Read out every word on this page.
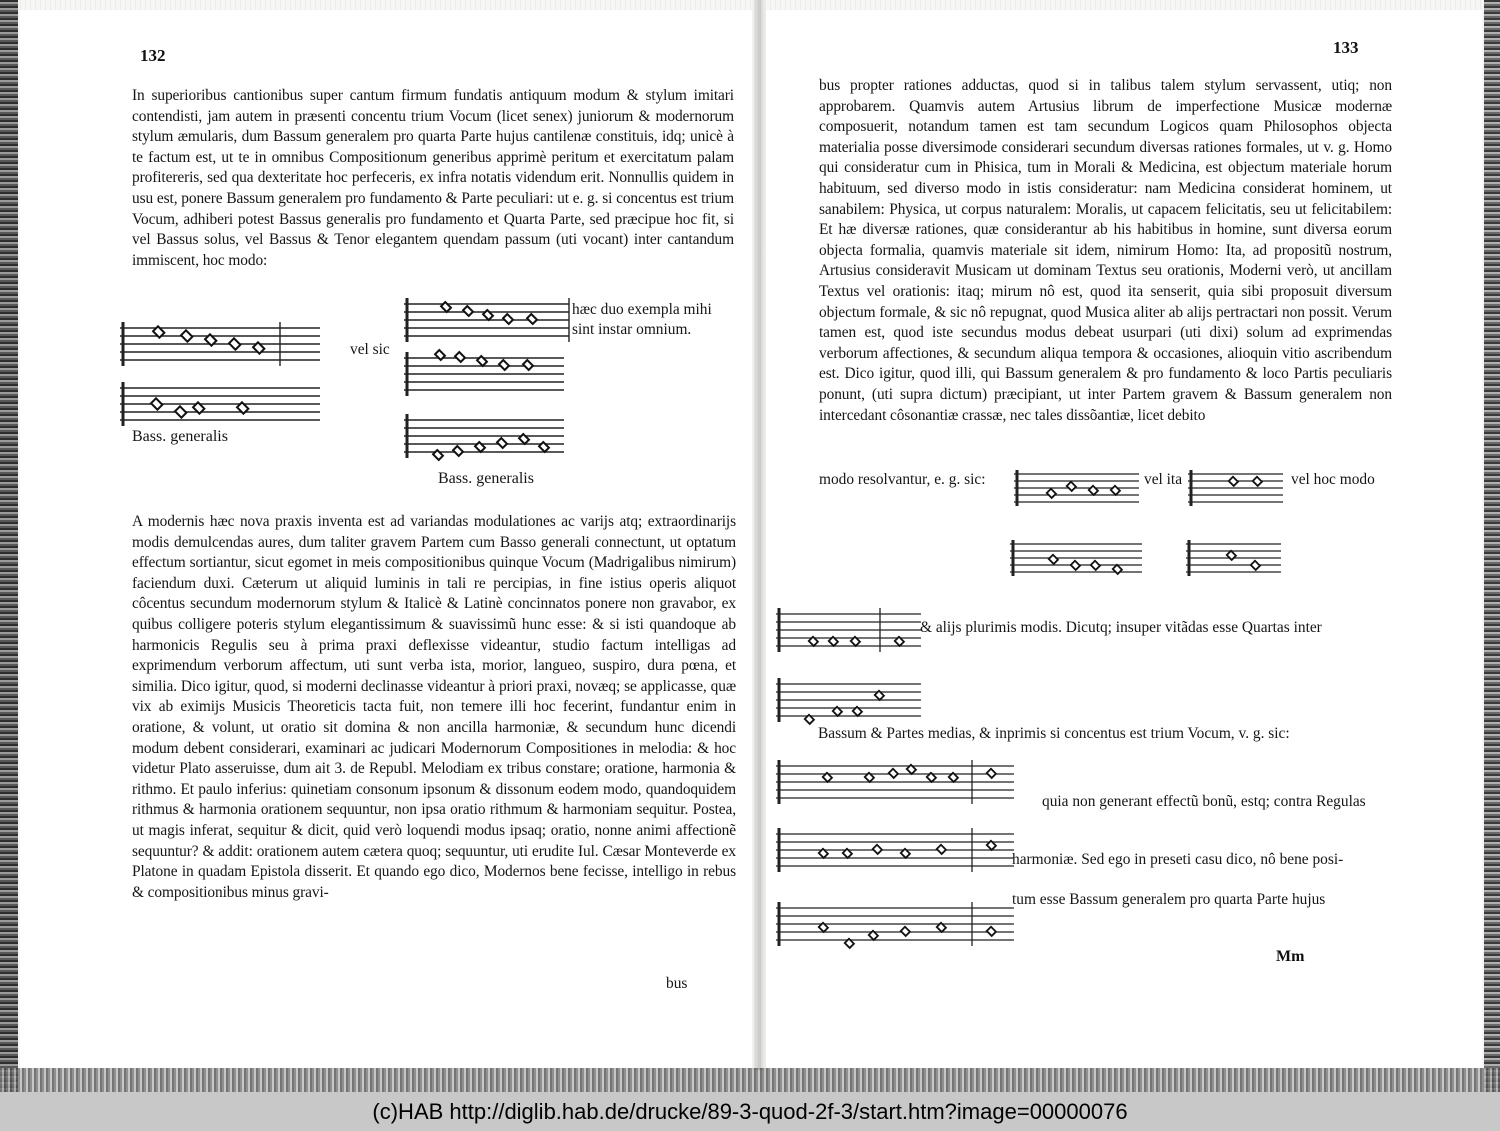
132

In superioribus cantionibus super cantum firmum fundatis antiquum modum & stylum imitari contendisti, jam autem in præsenti concentu trium Vocum (licet senex) juniorum & modernorum stylum æmularis, dum Bassum generalem pro quarta Parte hujus cantilenæ constituis, idq; unicè à te factum est, ut te in omnibus Compositionum generibus apprimè peritum et exercitatum palam profitereris, sed qua dexteritate hoc perfeceris, ex infra notatis videndum erit. Nonnullis quidem in usu est, ponere Bassum generalem pro fundamento & Parte peculiari: ut e. g. si concentus est trium Vocum, adhiberi potest Bassus generalis pro fundamento et Quarta Parte, sed præcipue hoc fit, si vel Bassus solus, vel Bassus & Tenor elegantem quendam passum (uti vocant) inter cantandum immiscent, hoc modo:

Bass. generalis
vel sic
hæc duo exempla mihi
sint instar omnium.
Bass. generalis

A modernis hæc nova praxis inventa est ad variandas modulationes ac varijs atq; extraordinarijs modis demulcendas aures, dum taliter gravem Partem cum Basso generali connectunt, ut optatum effectum sortiantur, sicut egomet in meis compositionibus quinque Vocum (Madrigalibus nimirum) faciendum duxi. Cæterum ut aliquid luminis in tali re percipias, in fine istius operis aliquot côcentus secundum modernorum stylum & Italicè & Latinè concinnatos ponere non gravabor, ex quibus colligere poteris stylum elegantissimum & suavissimũ hunc esse: & si isti quandoque ab harmonicis Regulis seu à prima praxi deflexisse videantur, studio factum intelligas ad exprimendum verborum affectum, uti sunt verba ista, morior, langueo, suspiro, dura pœna, et similia. Dico igitur, quod, si moderni declinasse videantur à priori praxi, novæq; se applicasse, quæ vix ab eximijs Musicis Theoreticis tacta fuit, non temere illi hoc fecerint, fundantur enim in oratione, & volunt, ut oratio sit domina & non ancilla harmoniæ, & secundum hunc dicendi modum debent considerari, examinari ac judicari Modernorum Compositiones in melodia: & hoc videtur Plato asseruisse, dum ait 3. de Republ. Melodiam ex tribus constare; oratione, harmonia & rithmo. Et paulo inferius: quinetiam consonum ipsonum & dissonum eodem modo, quandoquidem rithmus & harmonia orationem sequuntur, non ipsa oratio rithmum & harmoniam sequitur. Postea, ut magis inferat, sequitur & dicit, quid verò loquendi modus ipsaq; oratio, nonne animi affectionẽ sequuntur? & addit: orationem autem cætera quoq; sequuntur, uti erudite Iul. Cæsar Monteverde ex Platone in quadam Epistola disserit. Et quando ego dico, Modernos bene fecisse, intelligo in rebus & compositionibus minus gravi-

bus
133

bus propter rationes adductas, quod si in talibus talem stylum servassent, utiq; non approbarem. Quamvis autem Artusius librum de imperfectione Musicæ modernæ composuerit, notandum tamen est tam secundum Logicos quam Philosophos objecta materialia posse diversimode considerari secundum diversas rationes formales, ut v. g. Homo qui consideratur cum in Phisica, tum in Morali & Medicina, est objectum materiale horum habituum, sed diverso modo in istis consideratur: nam Medicina considerat hominem, ut sanabilem: Physica, ut corpus naturalem: Moralis, ut capacem felicitatis, seu ut felicitabilem: Et hæ diversæ rationes, quæ considerantur ab his habitibus in homine, sunt diversa eorum objecta formalia, quamvis materiale sit idem, nimirum Homo: Ita, ad propositũ nostrum, Artusius consideravit Musicam ut dominam Textus seu orationis, Moderni verò, ut ancillam Textus vel orationis: itaq; mirum nô est, quod ita senserit, quia sibi proposuit diversum objectum formale, & sic nô repugnat, quod Musica aliter ab alijs pertractari non possit. Verum tamen est, quod iste secundus modus debeat usurpari (uti dixi) solum ad exprimendas verborum affectiones, & secundum aliqua tempora & occasiones, alioquin vitio ascribendum est. Dico igitur, quod illi, qui Bassum generalem & pro fundamento & loco Partis peculiaris ponunt, (uti supra dictum) præcipiant, ut inter Partem gravem & Bassum generalem non intercedant côsonantiæ crassæ, nec tales dissõantiæ, licet debito

modo resolvantur, e. g. sic:	vel ita	vel hoc modo
& alijs plurimis modis. Dicutq; insuper vitãdas esse Quartas inter
Bassum & Partes medias, & inprimis si concentus est trium Vocum, v. g. sic:
quia non generant effectũ bonũ, estq; contra Regulas
harmoniæ. Sed ego in preseti casu dico, nô bene posi-
tum esse Bassum generalem pro quarta Parte hujus
Mm
(c)HAB http://diglib.hab.de/drucke/89-3-quod-2f-3/start.htm?image=00000076
